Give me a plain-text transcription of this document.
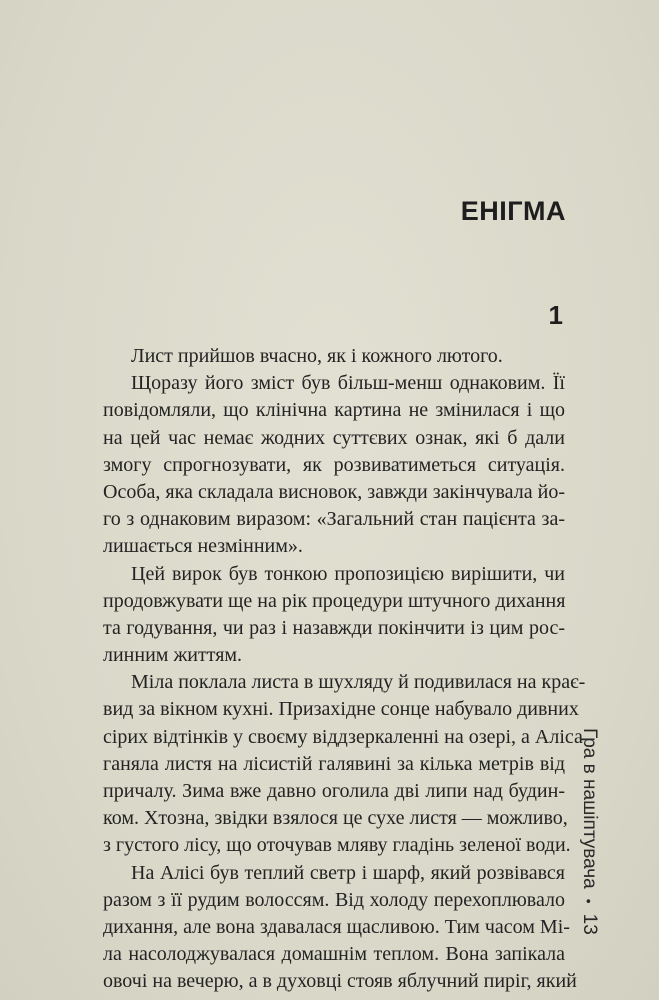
ЕНІГМА
1
Лист прийшов вчасно, як і кожного лютого.
Щоразу його зміст був більш-менш однаковим. Її
повідомляли, що клінічна картина не змінилася і що
на цей час немає жодних суттєвих ознак, які б дали
змогу спрогнозувати, як розвиватиметься ситуація.
Особа, яка складала висновок, завжди закінчувала йо-
го з однаковим виразом: «Загальний стан пацієнта за-
лишається незмінним».
Цей вирок був тонкою пропозицією вирішити, чи
продовжувати ще на рік процедури штучного дихання
та годування, чи раз і назавжди покінчити із цим рос-
линним життям.
Міла поклала листа в шухляду й подивилася на крає-
вид за вікном кухні. Призахідне сонце набувало дивних
сірих відтінків у своєму віддзеркаленні на озері, а Аліса
ганяла листя на лісистій галявині за кілька метрів від
причалу. Зима вже давно оголила дві липи над будин-
ком. Хтозна, звідки взялося це сухе листя — можливо,
з густого лісу, що оточував мляву гладінь зеленої води.
На Алісі був теплий светр і шарф, який розвівався
разом з її рудим волоссям. Від холоду перехоплювало
дихання, але вона здавалася щасливою. Тим часом Мі-
ла насолоджувалася домашнім теплом. Вона запікала
овочі на вечерю, а в духовці стояв яблучний пиріг, який
Гра в нашіптувача
•
13
